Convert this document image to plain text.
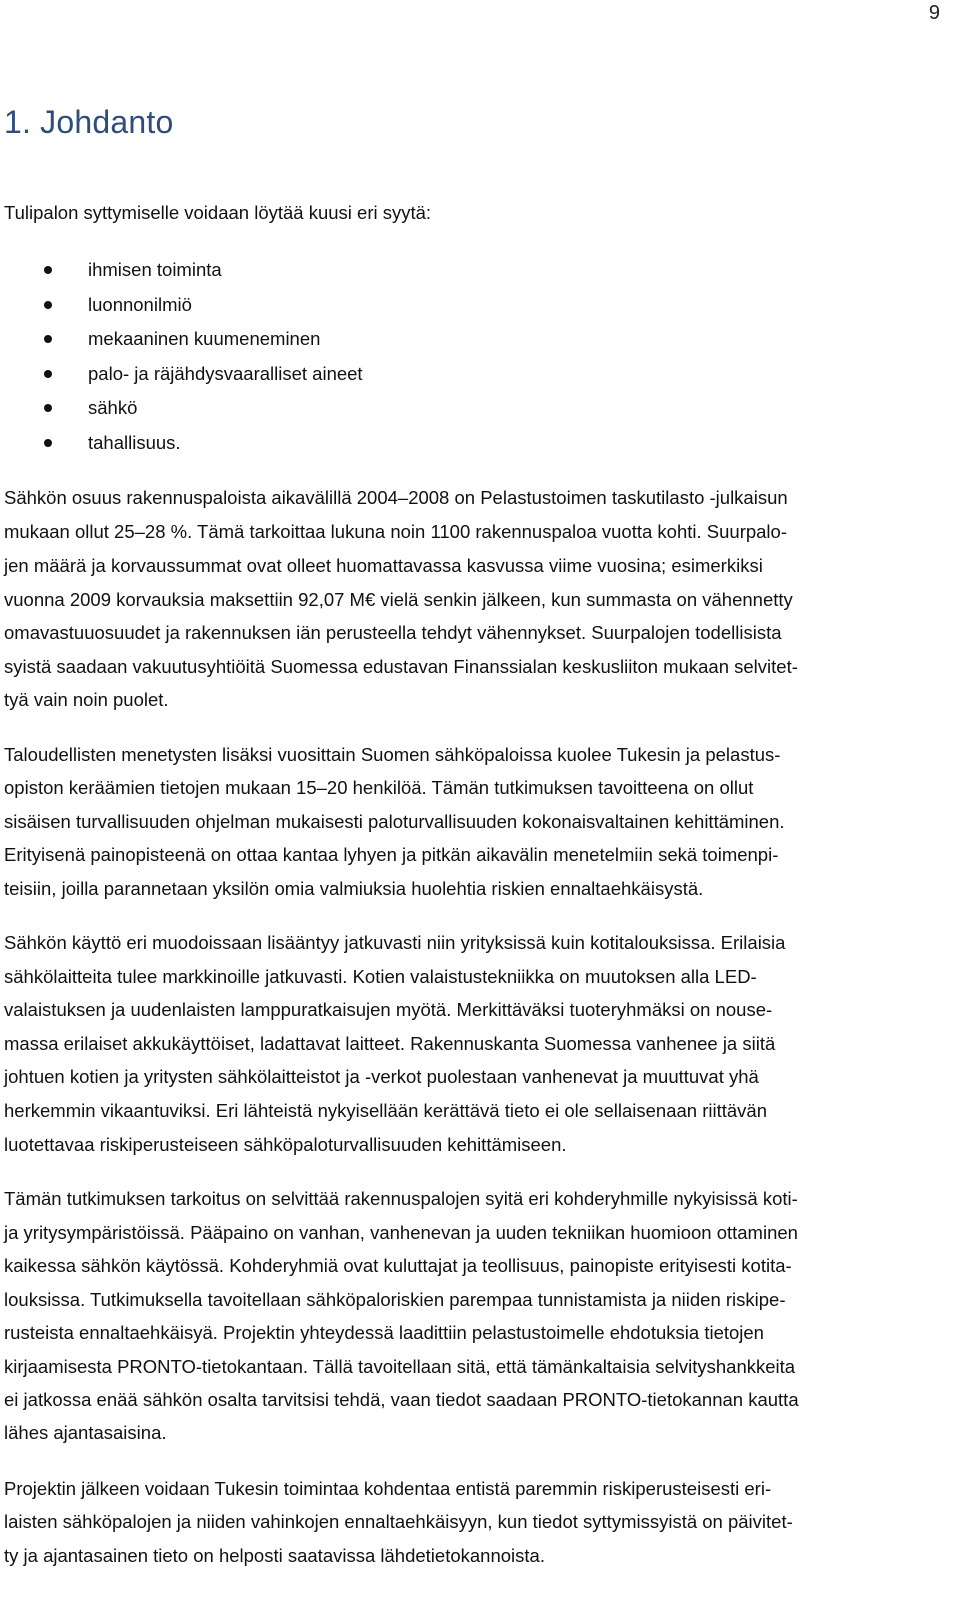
9
1. Johdanto
Tulipalon syttymiselle voidaan löytää kuusi eri syytä:
ihmisen toiminta
luonnonilmiö
mekaaninen kuumeneminen
palo- ja räjähdysvaaralliset aineet
sähkö
tahallisuus.
Sähkön osuus rakennuspaloista aikavälillä 2004–2008 on Pelastustoimen taskutilasto -julkaisun
mukaan ollut 25–28 %. Tämä tarkoittaa lukuna noin 1100 rakennuspaloa vuotta kohti. Suurpalo-
jen määrä ja korvaussummat ovat olleet huomattavassa kasvussa viime vuosina; esimerkiksi
vuonna 2009 korvauksia maksettiin 92,07 M€ vielä senkin jälkeen, kun summasta on vähennetty
omavastuuosuudet ja rakennuksen iän perusteella tehdyt vähennykset. Suurpalojen todellisista
syistä saadaan vakuutusyhtiöitä Suomessa edustavan Finanssialan keskusliiton mukaan selvitet-
tyä vain noin puolet.
Taloudellisten menetysten lisäksi vuosittain Suomen sähköpaloissa kuolee Tukesin ja pelastus-
opiston keräämien tietojen mukaan 15–20 henkilöä. Tämän tutkimuksen tavoitteena on ollut
sisäisen turvallisuuden ohjelman mukaisesti paloturvallisuuden kokonaisvaltainen kehittäminen.
Erityisenä painopisteenä on ottaa kantaa lyhyen ja pitkän aikavälin menetelmiin sekä toimenpi-
teisiin, joilla parannetaan yksilön omia valmiuksia huolehtia riskien ennaltaehkäisystä.
Sähkön käyttö eri muodoissaan lisääntyy jatkuvasti niin yrityksissä kuin kotitalouksissa. Erilaisia
sähkölaitteita tulee markkinoille jatkuvasti. Kotien valaistustekniikka on muutoksen alla LED-
valaistuksen ja uudenlaisten lamppuratkaisujen myötä. Merkittäväksi tuoteryhmäksi on nouse-
massa erilaiset akkukäyttöiset, ladattavat laitteet. Rakennuskanta Suomessa vanhenee ja siitä
johtuen kotien ja yritysten sähkölaitteistot ja -verkot puolestaan vanhenevat ja muuttuvat yhä
herkemmin vikaantuviksi. Eri lähteistä nykyisellään kerättävä tieto ei ole sellaisenaan riittävän
luotettavaa riskiperusteiseen sähköpaloturvallisuuden kehittämiseen.
Tämän tutkimuksen tarkoitus on selvittää rakennuspalojen syitä eri kohderyhmille nykyisissä koti-
ja yritysympäristöissä. Pääpaino on vanhan, vanhenevan ja uuden tekniikan huomioon ottaminen
kaikessa sähkön käytössä. Kohderyhmiä ovat kuluttajat ja teollisuus, painopiste erityisesti kotita-
louksissa. Tutkimuksella tavoitellaan sähköpaloriskien parempaa tunnistamista ja niiden riskipe-
rusteista ennaltaehkäisyä. Projektin yhteydessä laadittiin pelastustoimelle ehdotuksia tietojen
kirjaamisesta PRONTO-tietokantaan. Tällä tavoitellaan sitä, että tämänkaltaisia selvityshankkeita
ei jatkossa enää sähkön osalta tarvitsisi tehdä, vaan tiedot saadaan PRONTO-tietokannan kautta
lähes ajantasaisina.
Projektin jälkeen voidaan Tukesin toimintaa kohdentaa entistä paremmin riskiperusteisesti eri-
laisten sähköpalojen ja niiden vahinkojen ennaltaehkäisyyn, kun tiedot syttymissyistä on päivitet-
ty ja ajantasainen tieto on helposti saatavissa lähdetietokannoista.
